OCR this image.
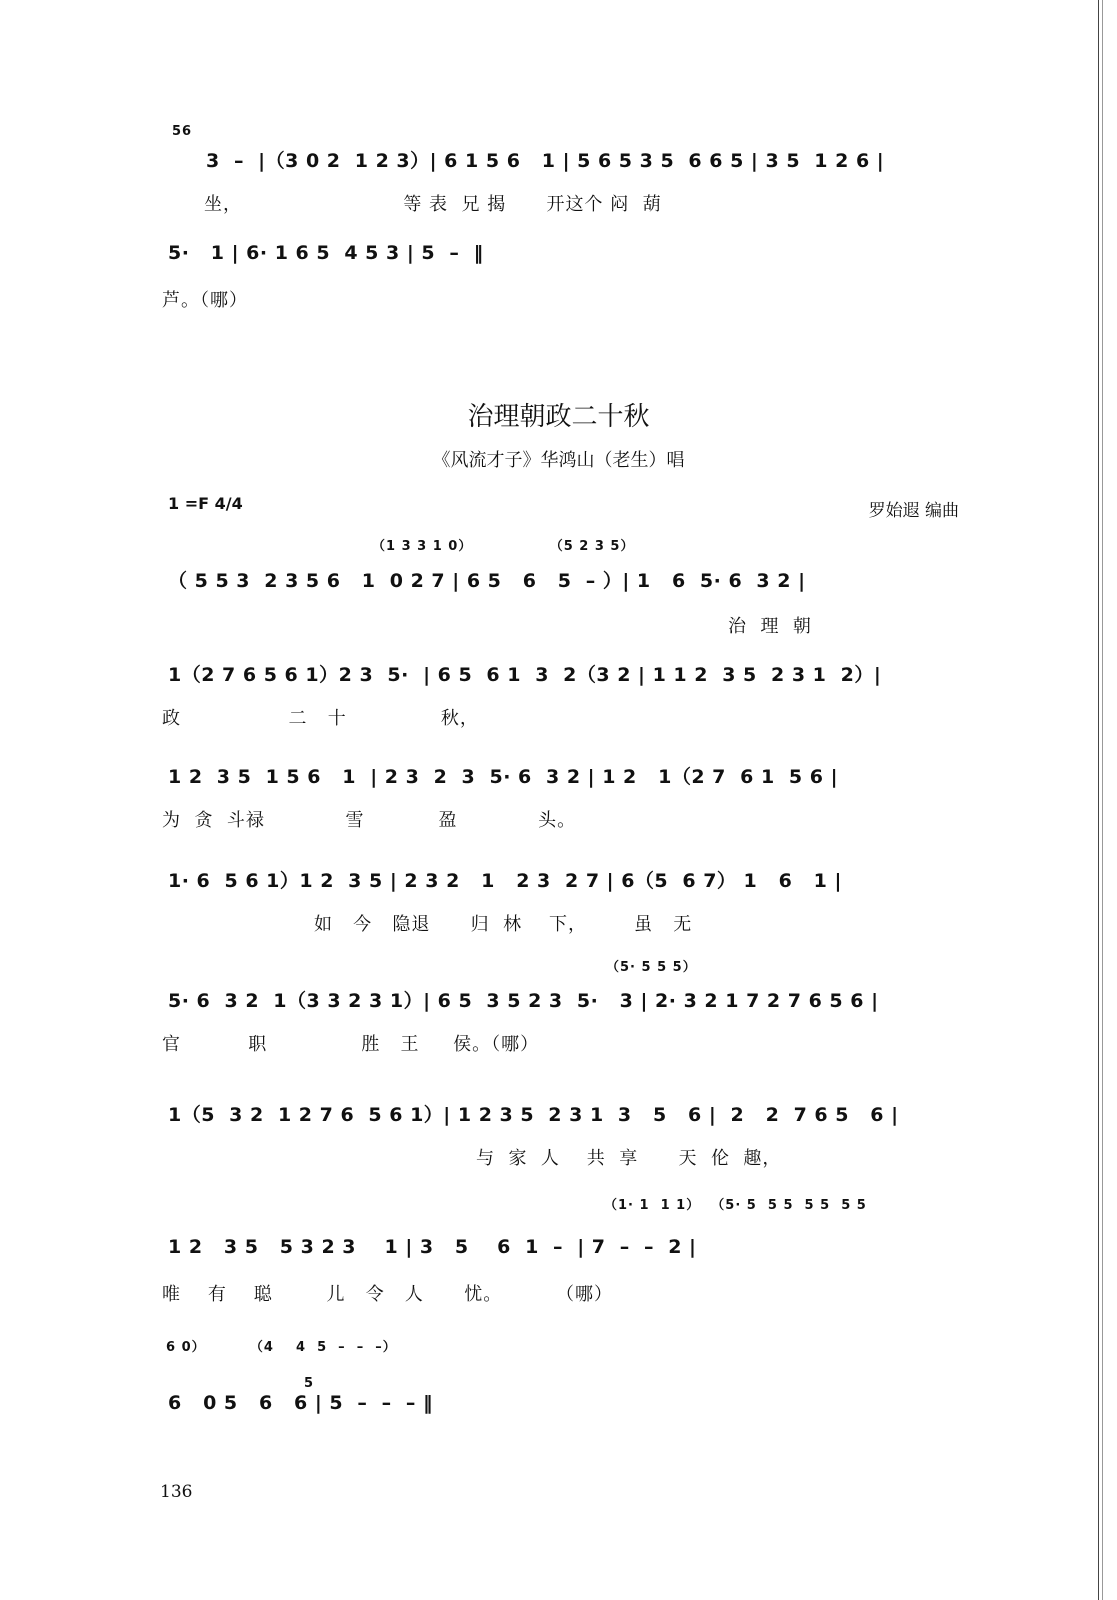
56
3  –  |（3 0 2  1 2 3）| 6 1 5 6   1 | 5 6 5 3 5  6 6 5 | 3 5  1 2 6 |
坐，                        等 表  兄 揭      开这个 闷  葫
5·   1 | 6· 1 6 5  4 5 3 | 5  –  ‖
芦。（哪）
治理朝政二十秋
《风流才子》华鸿山（老生）唱
1 =F 4/4	罗始遐 编曲
（1 3 3 1 0）              （5 2 3 5）
（ 5 5 3  2 3 5 6   1  0 2 7 | 6 5   6   5  – ）| 1   6  5· 6  3 2 |
治  理  朝
1（2 7 6 5 6 1）2 3  5·  | 6 5  6 1  3  2（3 2 | 1 1 2  3 5  2 3 1  2）|
政                二   十              秋，
1 2  3 5  1 5 6   1  | 2 3  2  3  5· 6  3 2 | 1 2   1（2 7  6 1  5 6 |
为  贪  斗禄            雪           盈            头。
1· 6  5 6 1）1 2  3 5 | 2 3 2   1   2 3  2 7 | 6（5  6 7） 1   6   1 |
如   今   隐退      归  林    下，       虽   无
（5· 5 5 5）
5· 6  3 2  1（3 3 2 3 1）| 6 5  3 5 2 3  5·   3 | 2· 3 2 1 7 2 7 6 5 6 |
官          职              胜   王     侯。（哪）
1（5  3 2  1 2 7 6  5 6 1）| 1 2 3 5  2 3 1  3   5   6 |  2   2  7 6 5   6 |
与  家  人    共  享      天  伦  趣，
（1· 1  1 1）  （5· 5  5 5  5 5  5 5
1 2   3 5   5 3 2 3    1 | 3   5    6  1  –  | 7  –  –  2 |
唯    有    聪        儿   令   人      忧。        （哪）
6 0）        （4    4  5  –  –  –）
5
6   0 5   6   6 | 5  –  –  – ‖
136
